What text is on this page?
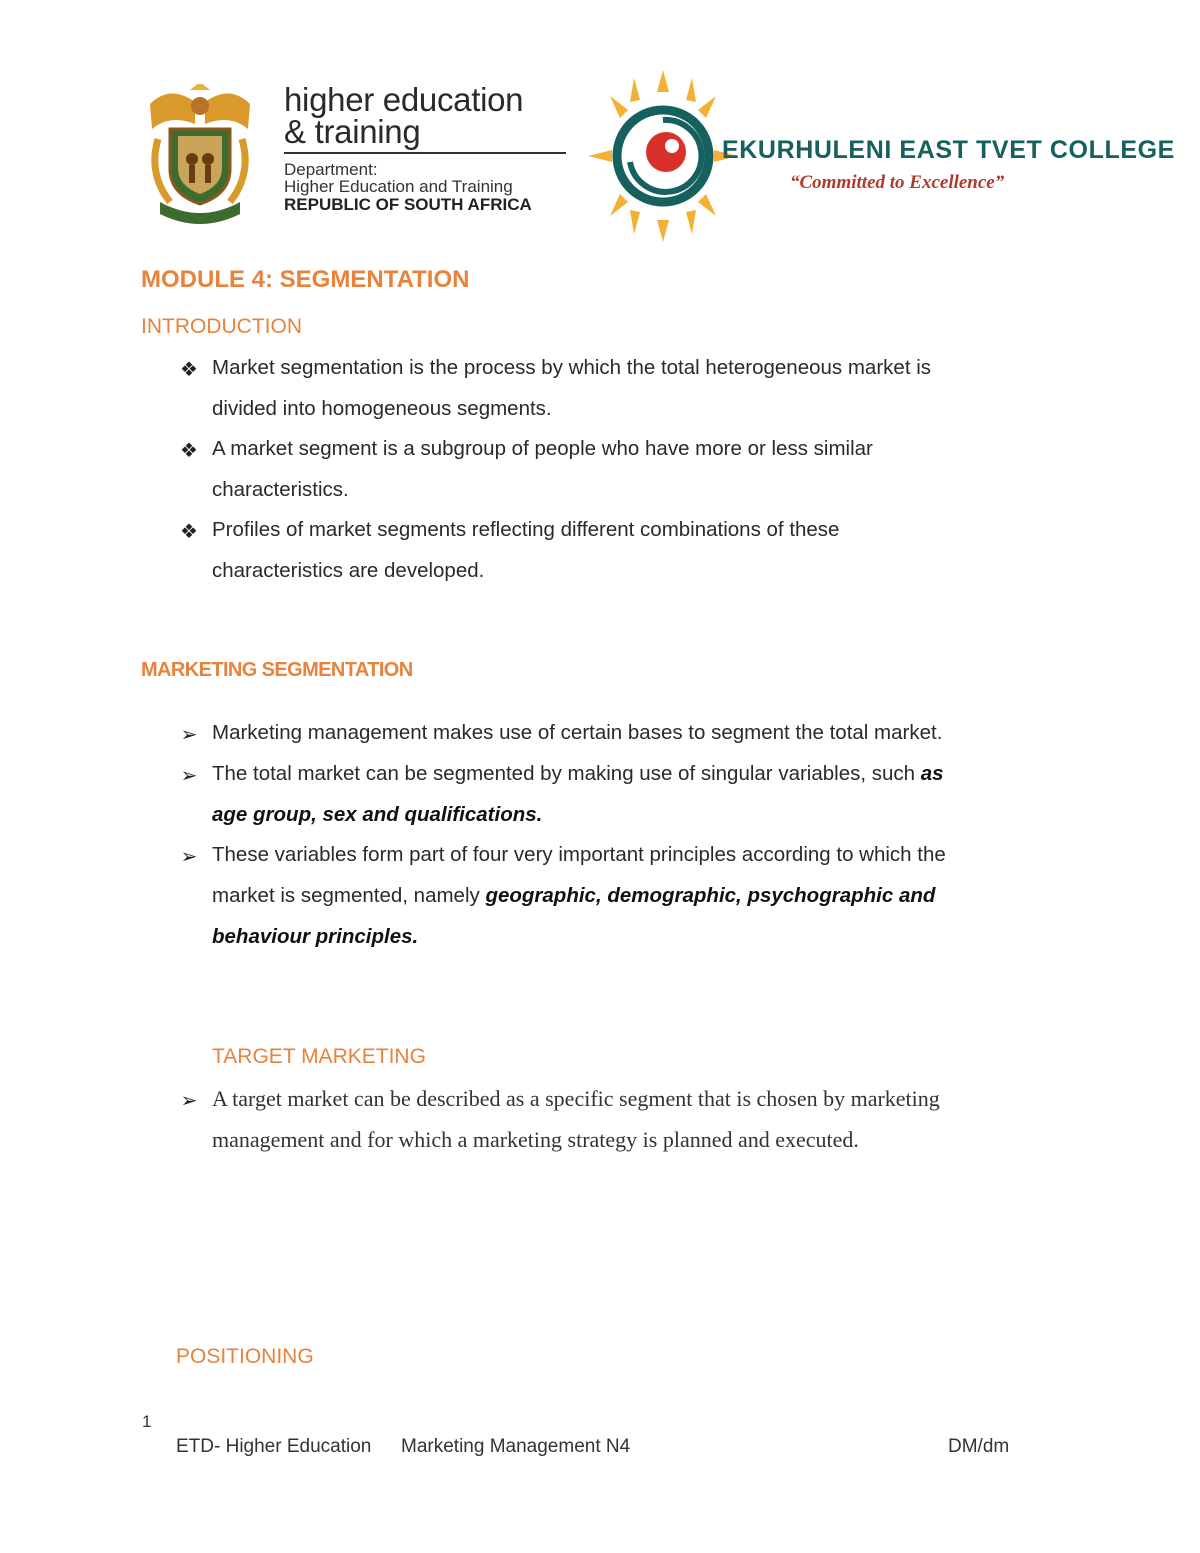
higher education
& training
Department:
Higher Education and Training
REPUBLIC OF SOUTH AFRICA
EKURHULENI EAST TVET COLLEGE
“Committed to Excellence”
MODULE 4: SEGMENTATION
INTRODUCTION
❖ Market segmentation is the process by which the total heterogeneous market is
divided into homogeneous segments.
❖ A market segment is a subgroup of people who have more or less similar
characteristics.
❖ Profiles of market segments reflecting different combinations of these
characteristics are developed.
MARKETING SEGMENTATION
➢ Marketing management makes use of certain bases to segment the total market.
➢ The total market can be segmented by making use of singular variables, such as
age group, sex and qualifications.
➢ These variables form part of four very important principles according to which the
market is segmented, namely geographic, demographic, psychographic and
behaviour principles.
TARGET MARKETING
➢ A target market can be described as a specific segment that is chosen by marketing
management and for which a marketing strategy is planned and executed.
POSITIONING
1
ETD- Higher Education Marketing Management N4	DM/dm
